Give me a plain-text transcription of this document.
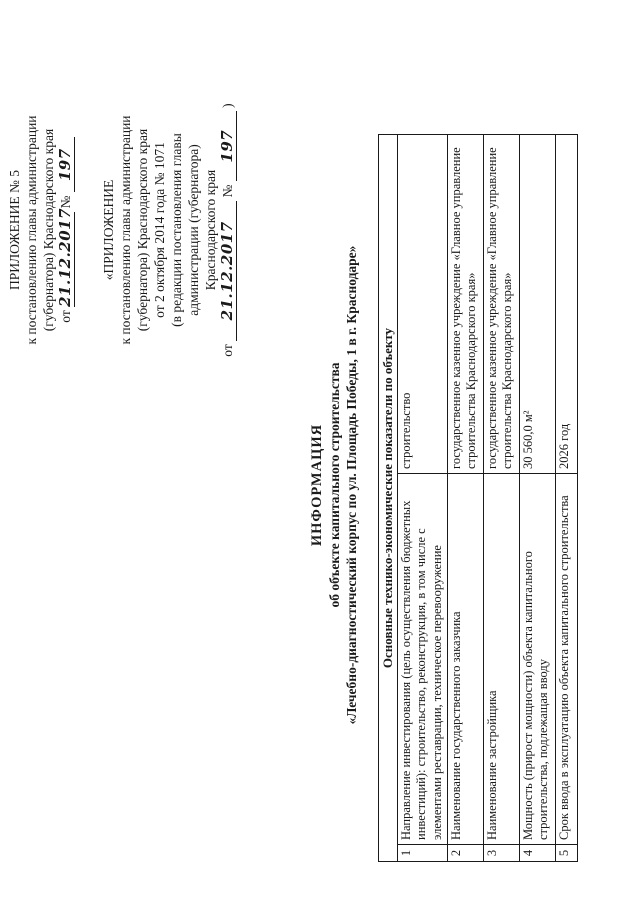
ПРИЛОЖЕНИЕ № 5 к постановлению главы администрации (губернатора) Краснодарского края от 21.12.2017 № 197
«ПРИЛОЖЕНИЕ к постановлению главы администрации (губернатора) Краснодарского края от 2 октября 2014 года № 1071 (в редакции постановления главы администрации (губернатора) Краснодарского края
от 21.12.2017 № 197 )
ИНФОРМАЦИЯ об объекте капитального строительства «Лечебно-диагностический корпус по ул. Площадь Победы, 1 в г. Краснодаре» Основные технико-экономические показатели по объекту		
1	Направление инвестирования (цель осуществления бюджетных инвестиций): строительство, реконструкция, в том числе с элементами реставрации, техническое перевооружение	строительство
2	Наименование государственного заказчика	государственное казенное учреждение «Главное управление строительства Краснодарского края»
3	Наименование застройщика	государственное казенное учреждение «Главное управление строительства Краснодарского края»
4	Мощность (прирост мощности) объекта капитального строительства, подлежащая вводу	30 560,0 м²
5	Срок ввода в эксплуатацию объекта капитального строительства	2026 год
